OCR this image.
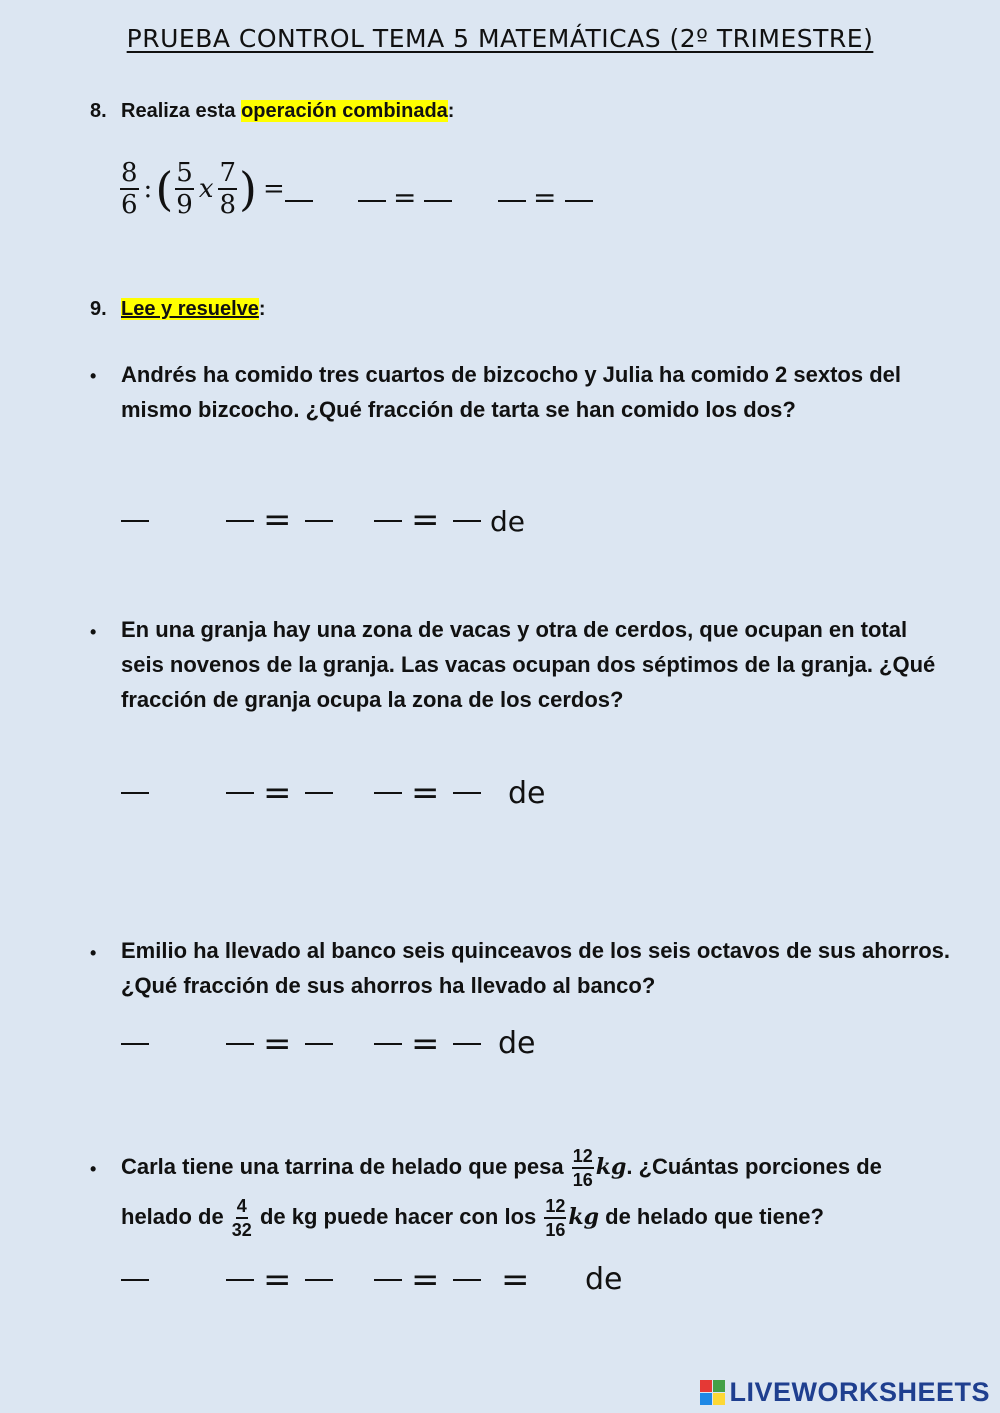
PRUEBA CONTROL TEMA 5 MATEMÁTICAS (2º TRIMESTRE)
8. Realiza esta operación combinada:
$\frac{8}{6}$ : ( $\frac{5}{9}$ x $\frac{7}{8}$ ) =	=	=
9. Lee y resuelve:
• Andrés ha comido tres cuartos de bizcocho y Julia ha comido 2 sextos del mismo bizcocho. ¿Qué fracción de tarta se han comido los dos?
=	= de
• En una granja hay una zona de vacas y otra de cerdos, que ocupan en total seis novenos de la granja. Las vacas ocupan dos séptimos de la granja. ¿Qué fracción de granja ocupa la zona de los cerdos?
=	= de
• Emilio ha llevado al banco seis quinceavos de los seis octavos de sus ahorros. ¿Qué fracción de sus ahorros ha llevado al banco?
=	= de
• Carla tiene una tarrina de helado que pesa $\frac{12}{16}$ kg. ¿Cuántas porciones de
helado de $\frac{4}{32}$ de kg puede hacer con los $\frac{12}{16}$ kg de helado que tiene?
=	= = de
LIVEWORKSHEETS
